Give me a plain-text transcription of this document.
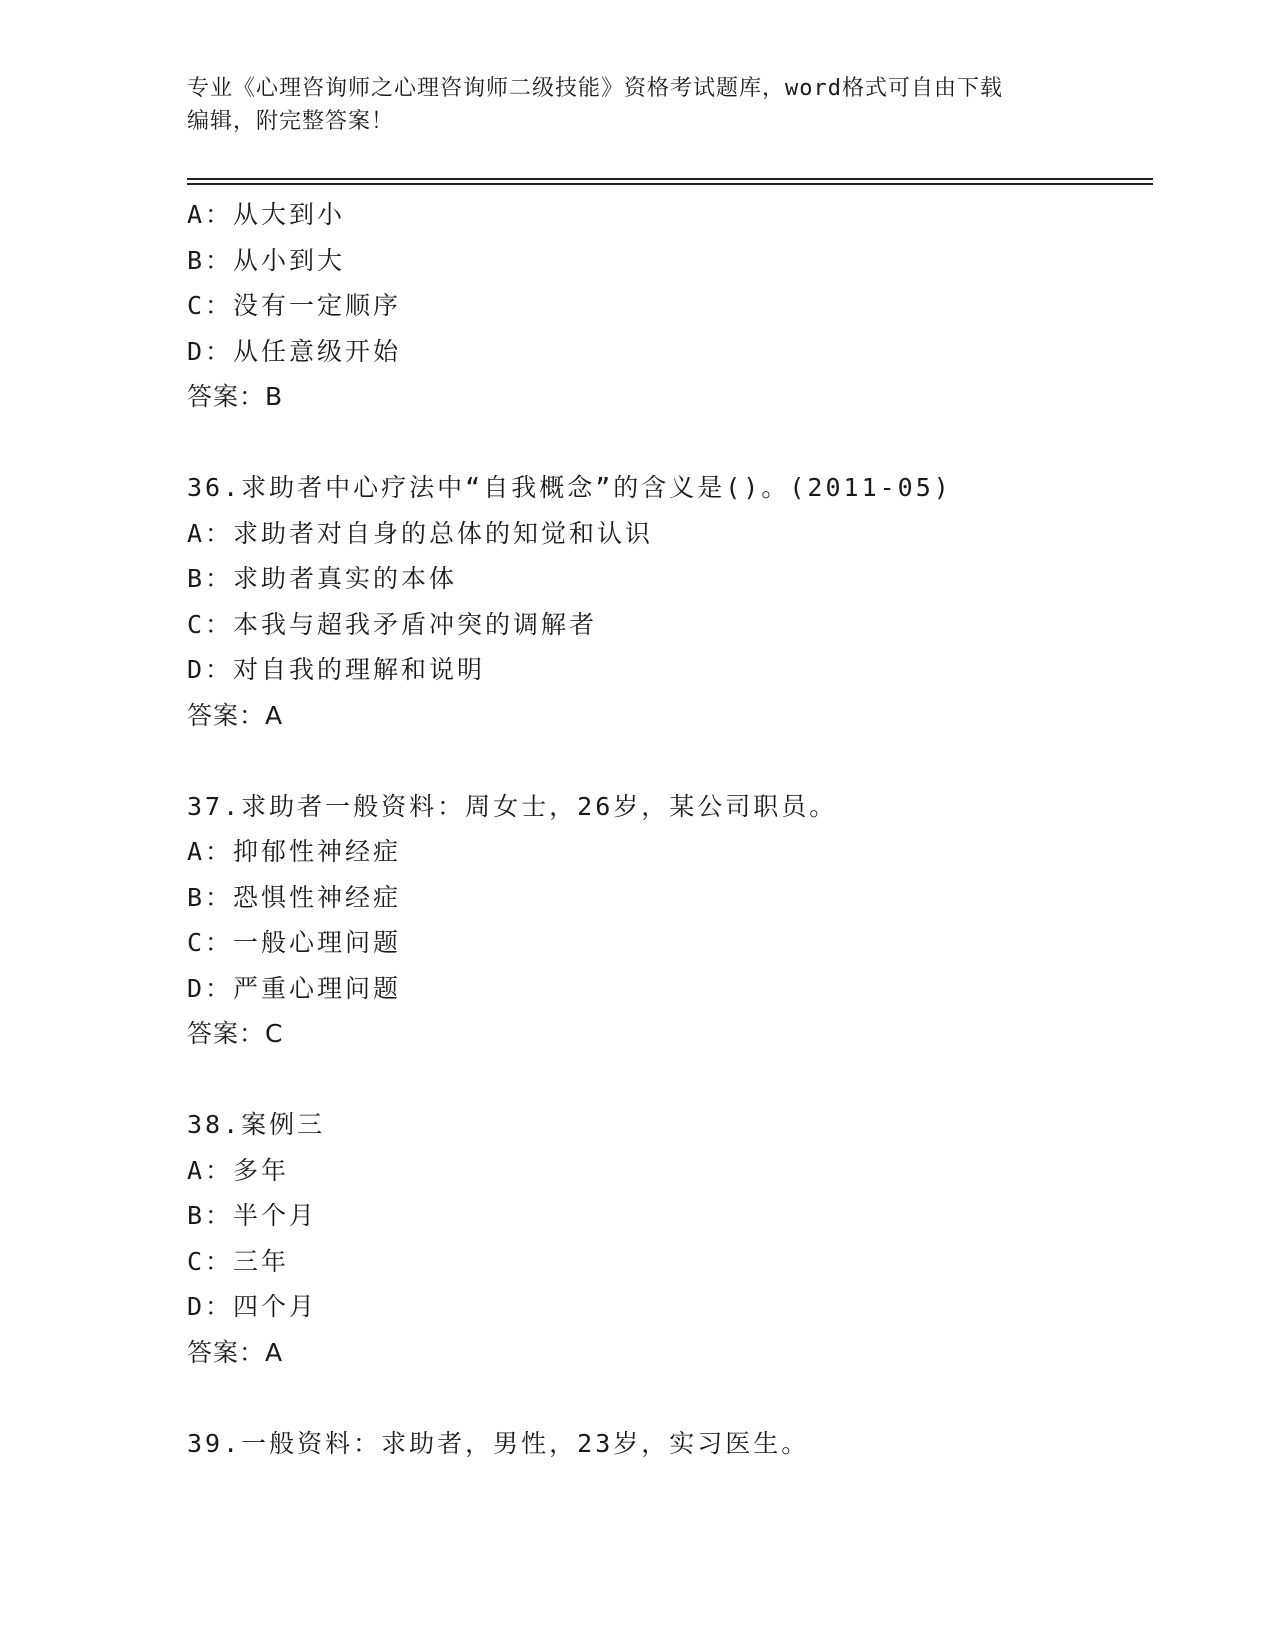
专业《心理咨询师之心理咨询师二级技能》资格考试题库，word格式可自由下载
编辑，附完整答案！
A：从大到小
B：从小到大
C：没有一定顺序
D：从任意级开始
答案：B
36.求助者中心疗法中“自我概念”的含义是()。(2011-05)
A：求助者对自身的总体的知觉和认识
B：求助者真实的本体
C：本我与超我矛盾冲突的调解者
D：对自我的理解和说明
答案：A
37.求助者一般资料：周女士，26岁，某公司职员。
A：抑郁性神经症
B：恐惧性神经症
C：一般心理问题
D：严重心理问题
答案：C
38.案例三
A：多年
B：半个月
C：三年
D：四个月
答案：A
39.一般资料：求助者，男性，23岁，实习医生。
